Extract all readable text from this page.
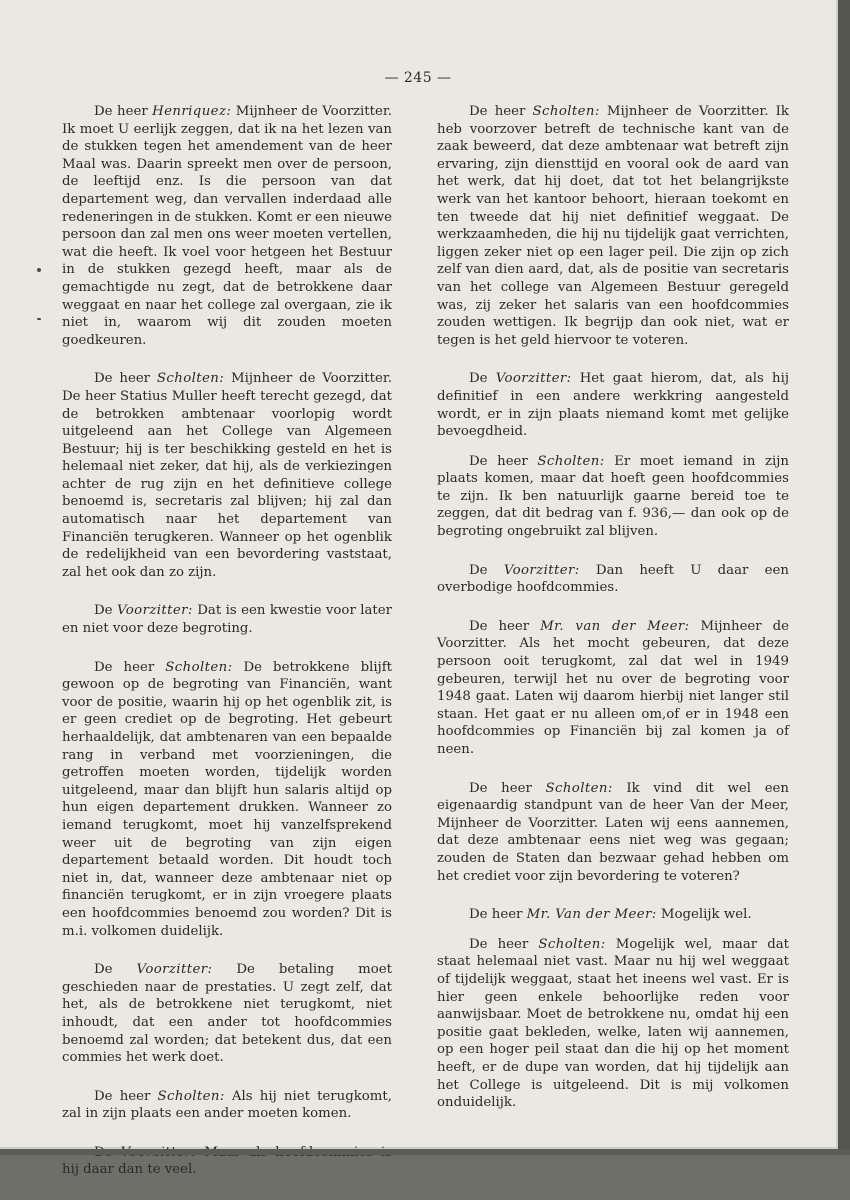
— 245 —

De heer Henriquez: Mijnheer de Voorzitter. Ik moet U eerlijk zeggen, dat ik na het lezen van de stukken tegen het amendement van de heer Maal was. Daarin spreekt men over de persoon, de leeftijd enz. Is die persoon van dat departement weg, dan vervallen inderdaad alle redeneringen in de stukken. Komt er een nieuwe persoon dan zal men ons weer moeten vertellen, wat die heeft. Ik voel voor hetgeen het Bestuur in de stukken gezegd heeft, maar als de gemachtigde nu zegt, dat de betrokkene daar weggaat en naar het college zal overgaan, zie ik niet in, waarom wij dit zouden moeten goedkeuren.

De heer Scholten: Mijnheer de Voorzitter. De heer Statius Muller heeft terecht gezegd, dat de betrokken ambtenaar voorlopig wordt uitgeleend aan het College van Algemeen Bestuur; hij is ter beschikking gesteld en het is helemaal niet zeker, dat hij, als de verkiezingen achter de rug zijn en het definitieve college benoemd is, secretaris zal blijven; hij zal dan automatisch naar het departement van Financiën terugkeren. Wanneer op het ogenblik de redelijkheid van een bevordering vaststaat, zal het ook dan zo zijn.

De Voorzitter: Dat is een kwestie voor later en niet voor deze begroting.

De heer Scholten: De betrokkene blijft gewoon op de begroting van Financiën, want voor de positie, waarin hij op het ogenblik zit, is er geen crediet op de begroting. Het gebeurt herhaaldelijk, dat ambtenaren van een bepaalde rang in verband met voorzieningen, die getroffen moeten worden, tijdelijk worden uitgeleend, maar dan blijft hun salaris altijd op hun eigen departement drukken. Wanneer zo iemand terugkomt, moet hij vanzelfsprekend weer uit de begroting van zijn eigen departement betaald worden. Dit houdt toch niet in, dat, wanneer deze ambtenaar niet op financiën terugkomt, er in zijn vroegere plaats een hoofdcommies benoemd zou worden? Dit is m.i. volkomen duidelijk.

De Voorzitter: De betaling moet geschieden naar de prestaties. U zegt zelf, dat het, als de betrokkene niet terugkomt, niet inhoudt, dat een ander tot hoofdcommies benoemd zal worden; dat betekent dus, dat een commies het werk doet.

De heer Scholten: Als hij niet terugkomt, zal in zijn plaats een ander moeten komen.

hij daar dan te veel.

De heer Scholten: Mijnheer de Voorzitter. Ik heb voorzover betreft de technische kant van de zaak beweerd, dat deze ambtenaar wat betreft zijn ervaring, zijn diensttijd en vooral ook de aard van het werk, dat hij doet, dat tot het belangrijkste werk van het kantoor behoort, hieraan toekomt en ten tweede dat hij niet definitief weggaat. De werkzaamheden, die hij nu tijdelijk gaat verrichten, liggen zeker niet op een lager peil. Die zijn op zich zelf van dien aard, dat, als de positie van secretaris van het college van Algemeen Bestuur geregeld was, zij zeker het salaris van een hoofdcommies zouden wettigen. Ik begrijp dan ook niet, wat er tegen is het geld hiervoor te voteren.

De Voorzitter: Het gaat hierom, dat, als hij definitief in een andere werkkring aangesteld wordt, er in zijn plaats niemand komt met gelijke bevoegdheid.

De heer Scholten: Er moet iemand in zijn plaats komen, maar dat hoeft geen hoofdcommies te zijn. Ik ben natuurlijk gaarne bereid toe te zeggen, dat dit bedrag van f. 936,— dan ook op de begroting ongebruikt zal blijven.

De Voorzitter: Dan heeft U daar een overbodige hoofdcommies.

De heer Mr. van der Meer: Mijnheer de Voorzitter. Als het mocht gebeuren, dat deze persoon ooit terugkomt, zal dat wel in 1949 gebeuren, terwijl het nu over de begroting voor 1948 gaat. Laten wij daarom hierbij niet langer stil staan. Het gaat er nu alleen om,of er in 1948 een hoofdcommies op Financiën bij zal komen ja of neen.

De heer Scholten: Ik vind dit wel een eigenaardig standpunt van de heer Van der Meer, Mijnheer de Voorzitter. Laten wij eens aannemen, dat deze ambtenaar eens niet weg was gegaan; zouden de Staten dan bezwaar gehad hebben om het crediet voor zijn bevordering te voteren?

De heer Mr. Van der Meer: Mogelijk wel.

De heer Scholten: Mogelijk wel, maar dat staat helemaal niet vast. Maar nu hij wel weggaat of tijdelijk weggaat, staat het ineens wel vast. Er is hier geen enkele behoorlijke reden voor aanwijsbaar. Moet de betrokkene nu, omdat hij een positie gaat bekleden, welke, laten wij aannemen, op een hoger peil staat dan die hij op het moment heeft, er de dupe van worden, dat hij tijdelijk aan het College is uitgeleend. Dit is mij volkomen onduidelijk.
